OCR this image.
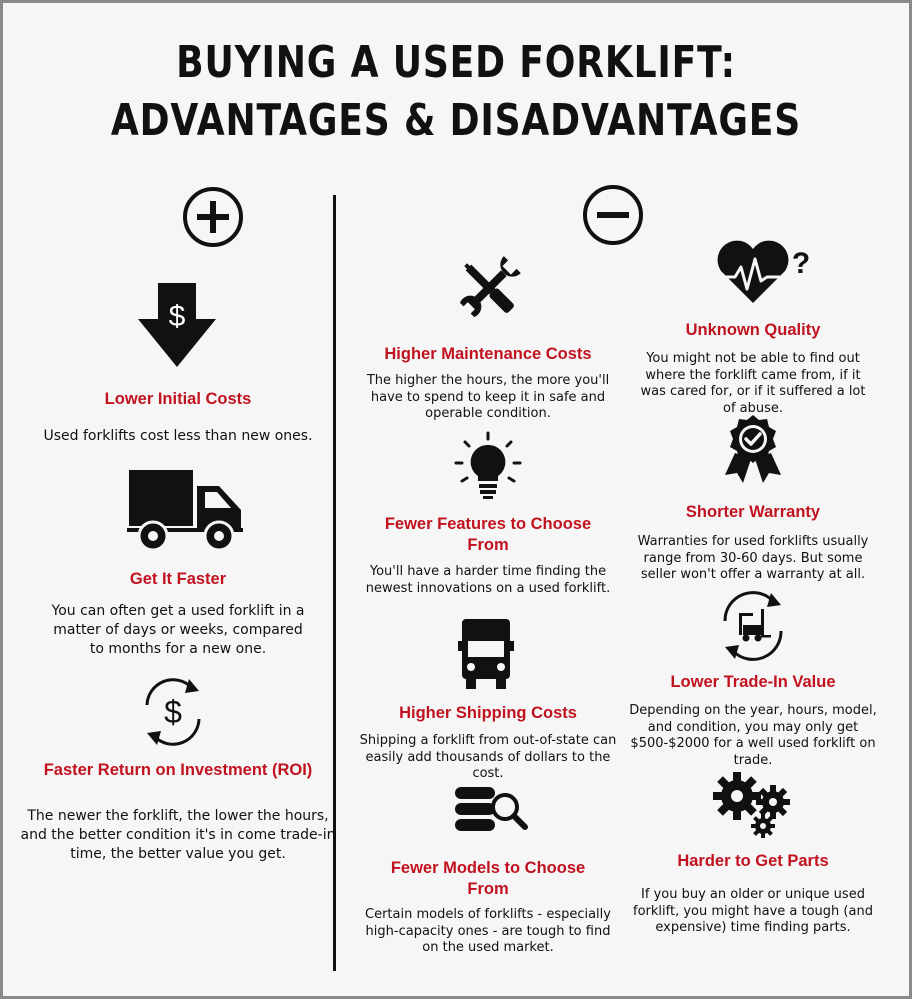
BUYING A USED FORKLIFT:
ADVANTAGES & DISADVANTAGES
$
Lower Initial Costs
Used forklifts cost less than new ones.
Get It Faster
You can often get a used forklift in a matter of days or weeks, compared to months for a new one.
$
Faster Return on Investment (ROI)
The newer the forklift, the lower the hours, and the better condition it's in come trade-in time, the better value you get.
Higher Maintenance Costs
The higher the hours, the more you'll have to spend to keep it in safe and operable condition.
Fewer Features to Choose From
You'll have a harder time finding the newest innovations on a used forklift.
Higher Shipping Costs
Shipping a forklift from out-of-state can easily add thousands of dollars to the cost.
Fewer Models to Choose From
Certain models of forklifts - especially high-capacity ones - are tough to find on the used market.
?
Unknown Quality
You might not be able to find out where the forklift came from, if it was cared for, or if it suffered a lot of abuse.
Shorter Warranty
Warranties for used forklifts usually range from 30-60 days. But some seller won't offer a warranty at all.
Lower Trade-In Value
Depending on the year, hours, model, and condition, you may only get $500-$2000 for a well used forklift on trade.
Harder to Get Parts
If you buy an older or unique used forklift, you might have a tough (and expensive) time finding parts.
